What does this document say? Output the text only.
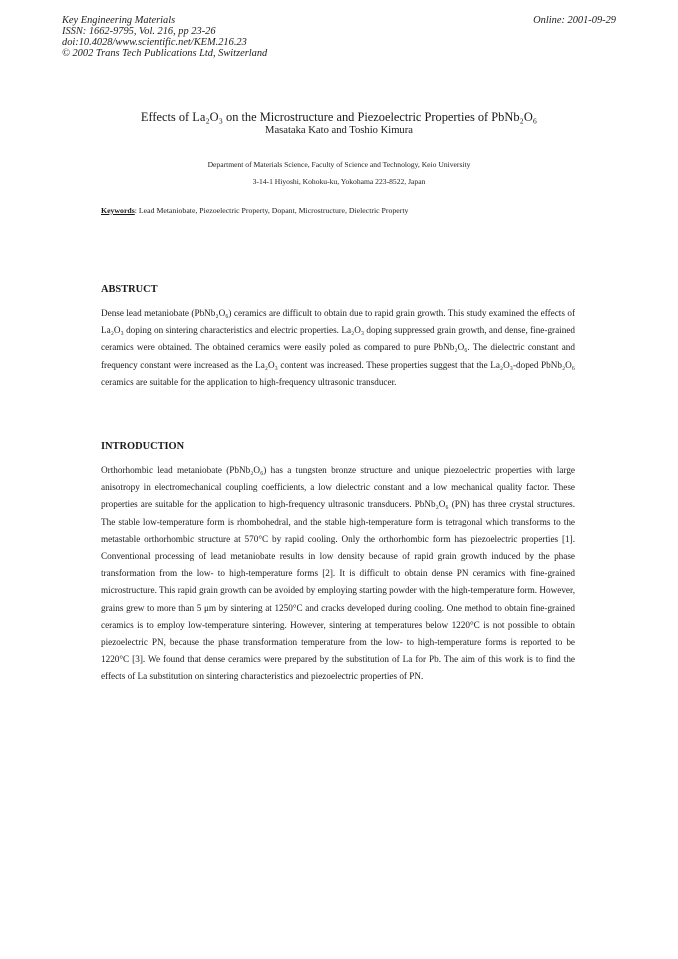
Key Engineering Materials
ISSN: 1662-9795, Vol. 216, pp 23-26
doi:10.4028/www.scientific.net/KEM.216.23
© 2002 Trans Tech Publications Ltd, Switzerland
Online: 2001-09-29
Effects of La₂O₃ on the Microstructure and Piezoelectric Properties of PbNb₂O₆
Masataka Kato and Toshio Kimura
Department of Materials Science, Faculty of Science and Technology, Keio University
3-14-1 Hiyoshi, Kohoku-ku, Yokohama 223-8522, Japan
Keywords: Lead Metaniobate, Piezoelectric Property, Dopant, Microstructure, Dielectric Property
ABSTRUCT
Dense lead metaniobate (PbNb₂O₆) ceramics are difficult to obtain due to rapid grain growth. This study examined the effects of La₂O₃ doping on sintering characteristics and electric properties. La₂O₃ doping suppressed grain growth, and dense, fine-grained ceramics were obtained. The obtained ceramics were easily poled as compared to pure PbNb₂O₆. The dielectric constant and frequency constant were increased as the La₂O₃ content was increased. These properties suggest that the La₂O₃-doped PbNb₂O₆ ceramics are suitable for the application to high-frequency ultrasonic transducer.
INTRODUCTION
Orthorhombic lead metaniobate (PbNb₂O₆) has a tungsten bronze structure and unique piezoelectric properties with large anisotropy in electromechanical coupling coefficients, a low dielectric constant and a low mechanical quality factor. These properties are suitable for the application to high-frequency ultrasonic transducers. PbNb₂O₆ (PN) has three crystal structures. The stable low-temperature form is rhombohedral, and the stable high-temperature form is tetragonal which transforms to the metastable orthorhombic structure at 570°C by rapid cooling. Only the orthorhombic form has piezoelectric properties [1]. Conventional processing of lead metaniobate results in low density because of rapid grain growth induced by the phase transformation from the low- to high-temperature forms [2]. It is difficult to obtain dense PN ceramics with fine-grained microstructure. This rapid grain growth can be avoided by employing starting powder with the high-temperature form. However, grains grew to more than 5 μm by sintering at 1250°C and cracks developed during cooling. One method to obtain fine-grained ceramics is to employ low-temperature sintering. However, sintering at temperatures below 1220°C is not possible to obtain piezoelectric PN, because the phase transformation temperature from the low- to high-temperature forms is reported to be 1220°C [3]. We found that dense ceramics were prepared by the substitution of La for Pb. The aim of this work is to find the effects of La substitution on sintering characteristics and piezoelectric properties of PN.
